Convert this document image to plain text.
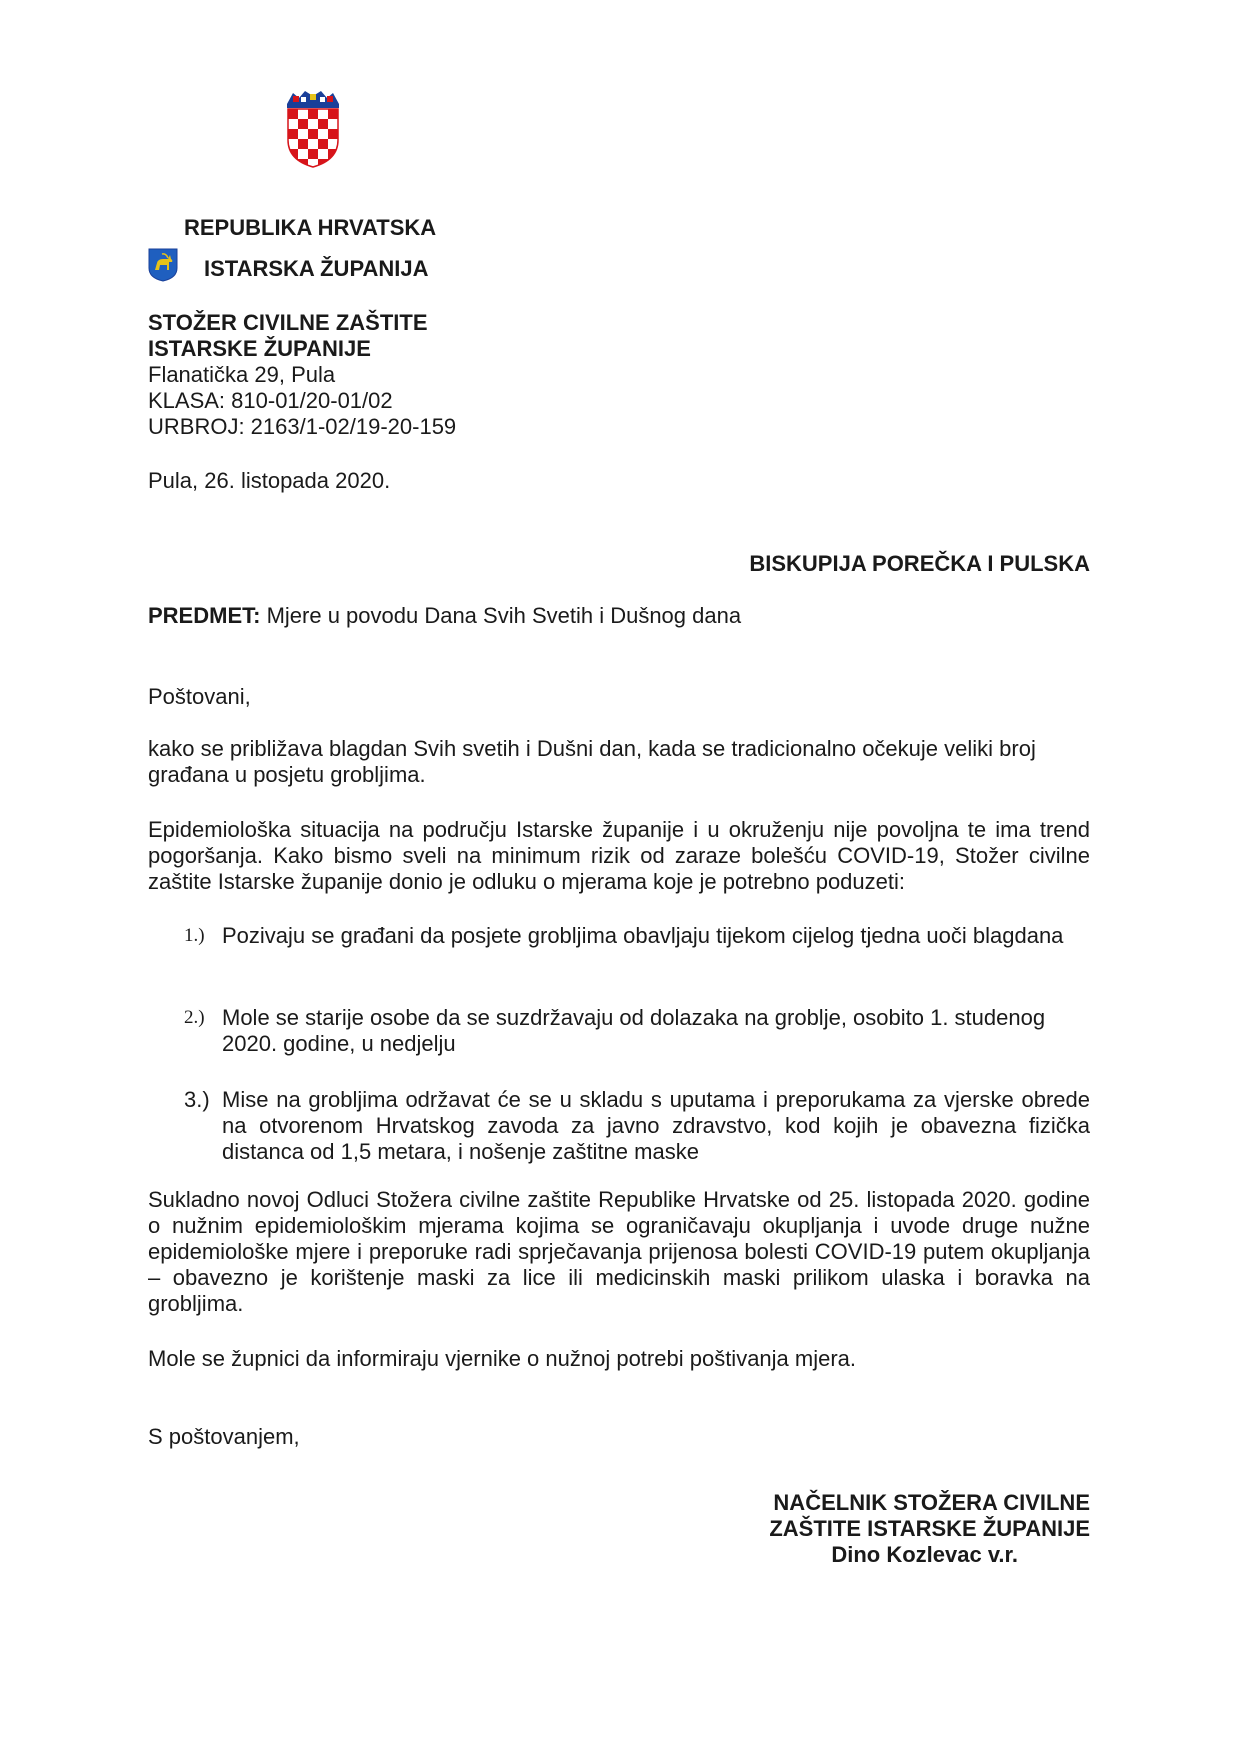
REPUBLIKA HRVATSKA
ISTARSKA ŽUPANIJA
STOŽER CIVILNE ZAŠTITE
ISTARSKE ŽUPANIJE
Flanatička 29, Pula
KLASA: 810-01/20-01/02
URBROJ: 2163/1-02/19-20-159
Pula, 26. listopada 2020.
BISKUPIJA POREČKA I PULSKA
PREDMET: Mjere u povodu Dana Svih Svetih i Dušnog dana
Poštovani,
kako se približava blagdan Svih svetih i Dušni dan, kada se tradicionalno očekuje veliki broj građana u posjetu grobljima.
Epidemiološka situacija na području Istarske županije i u okruženju nije povoljna te ima trend pogoršanja. Kako bismo sveli na minimum rizik od zaraze bolešću COVID-19, Stožer civilne zaštite Istarske županije donio je odluku o mjerama koje je potrebno poduzeti:
1.) Pozivaju se građani da posjete grobljima obavljaju tijekom cijelog tjedna uoči blagdana
2.) Mole se starije osobe da se suzdržavaju od dolazaka na groblje, osobito 1. studenog 2020. godine, u nedjelju
3.) Mise na grobljima održavat će se u skladu s uputama i preporukama za vjerske obrede na otvorenom Hrvatskog zavoda za javno zdravstvo, kod kojih je obavezna fizička distanca od 1,5 metara, i nošenje zaštitne maske
Sukladno novoj Odluci Stožera civilne zaštite Republike Hrvatske od 25. listopada 2020. godine o nužnim epidemiološkim mjerama kojima se ograničavaju okupljanja i uvode druge nužne epidemiološke mjere i preporuke radi sprječavanja prijenosa bolesti COVID-19 putem okupljanja – obavezno je korištenje maski za lice ili medicinskih maski prilikom ulaska i boravka na grobljima.
Mole se župnici da informiraju vjernike o nužnoj potrebi poštivanja mjera.
S poštovanjem,
NAČELNIK STOŽERA CIVILNE
ZAŠTITE ISTARSKE ŽUPANIJE
Dino Kozlevac v.r.
